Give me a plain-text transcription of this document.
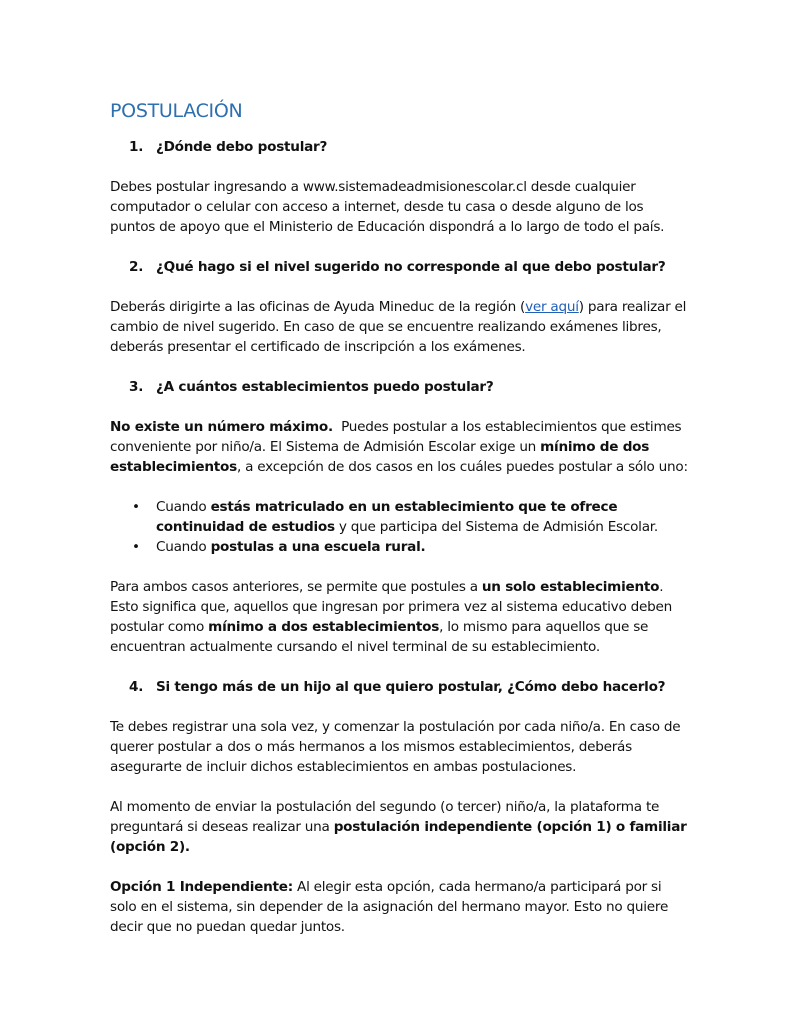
POSTULACIÓN
1. ¿Dónde debo postular?

Debes postular ingresando a www.sistemadeadmisionescolar.cl desde cualquier computador o celular con acceso a internet, desde tu casa o desde alguno de los puntos de apoyo que el Ministerio de Educación dispondrá a lo largo de todo el país.

2. ¿Qué hago si el nivel sugerido no corresponde al que debo postular?

Deberás dirigirte a las oficinas de Ayuda Mineduc de la región (ver aquí) para realizar el cambio de nivel sugerido. En caso de que se encuentre realizando exámenes libres, deberás presentar el certificado de inscripción a los exámenes.

3. ¿A cuántos establecimientos puedo postular?

No existe un número máximo.  Puedes postular a los establecimientos que estimes conveniente por niño/a. El Sistema de Admisión Escolar exige un mínimo de dos establecimientos, a excepción de dos casos en los cuáles puedes postular a sólo uno:

• Cuando estás matriculado en un establecimiento que te ofrece continuidad de estudios y que participa del Sistema de Admisión Escolar.
• Cuando postulas a una escuela rural.

Para ambos casos anteriores, se permite que postules a un solo establecimiento. Esto significa que, aquellos que ingresan por primera vez al sistema educativo deben postular como mínimo a dos establecimientos, lo mismo para aquellos que se encuentran actualmente cursando el nivel terminal de su establecimiento.

4. Si tengo más de un hijo al que quiero postular, ¿Cómo debo hacerlo?

Te debes registrar una sola vez, y comenzar la postulación por cada niño/a. En caso de querer postular a dos o más hermanos a los mismos establecimientos, deberás asegurarte de incluir dichos establecimientos en ambas postulaciones.

Al momento de enviar la postulación del segundo (o tercer) niño/a, la plataforma te preguntará si deseas realizar una postulación independiente (opción 1) o familiar (opción 2).

Opción 1 Independiente: Al elegir esta opción, cada hermano/a participará por si solo en el sistema, sin depender de la asignación del hermano mayor. Esto no quiere decir que no puedan quedar juntos.
